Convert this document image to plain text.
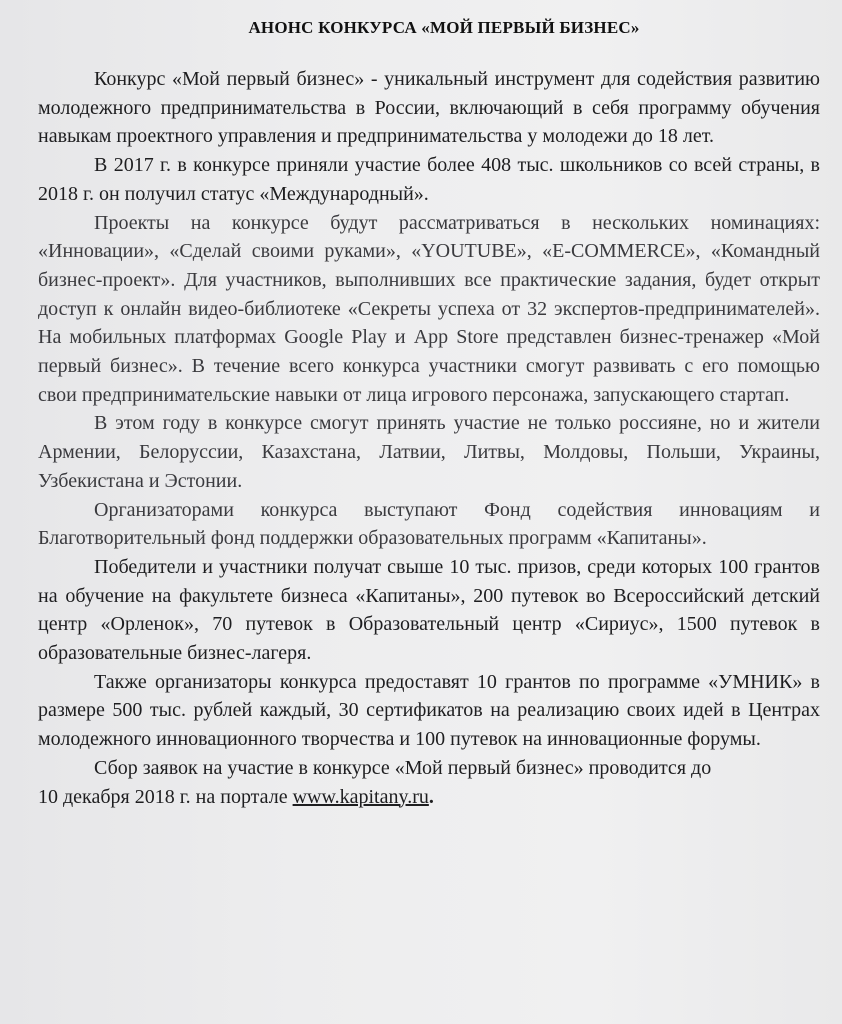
АНОНС КОНКУРСА «МОЙ ПЕРВЫЙ БИЗНЕС»

Конкурс «Мой первый бизнес» - уникальный инструмент для содействия развитию молодежного предпринимательства в России, включающий в себя программу обучения навыкам проектного управления и предпринимательства у молодежи до 18 лет.

В 2017 г. в конкурсе приняли участие более 408 тыс. школьников со всей страны, в 2018 г. он получил статус «Международный».

Проекты на конкурсе будут рассматриваться в нескольких номинациях: «Инновации», «Сделай своими руками», «YOUTUBE», «E-COMMERCE», «Командный бизнес-проект». Для участников, выполнивших все практические задания, будет открыт доступ к онлайн видео-библиотеке «Секреты успеха от 32 экспертов-предпринимателей». На мобильных платформах Google Play и App Store представлен бизнес-тренажер «Мой первый бизнес». В течение всего конкурса участники смогут развивать с его помощью свои предпринимательские навыки от лица игрового персонажа, запускающего стартап.

В этом году в конкурсе смогут принять участие не только россияне, но и жители Армении, Белоруссии, Казахстана, Латвии, Литвы, Молдовы, Польши, Украины, Узбекистана и Эстонии.

Организаторами конкурса выступают Фонд содействия инновациям и Благотворительный фонд поддержки образовательных программ «Капитаны».

Победители и участники получат свыше 10 тыс. призов, среди которых 100 грантов на обучение на факультете бизнеса «Капитаны», 200 путевок во Всероссийский детский центр «Орленок», 70 путевок в Образовательный центр «Сириус», 1500 путевок в образовательные бизнес-лагеря.

Также организаторы конкурса предоставят 10 грантов по программе «УМНИК» в размере 500 тыс. рублей каждый, 30 сертификатов на реализацию своих идей в Центрах молодежного инновационного творчества и 100 путевок на инновационные форумы.

Сбор заявок на участие в конкурсе «Мой первый бизнес» проводится до

10 декабря 2018 г. на портале www.kapitany.ru.
